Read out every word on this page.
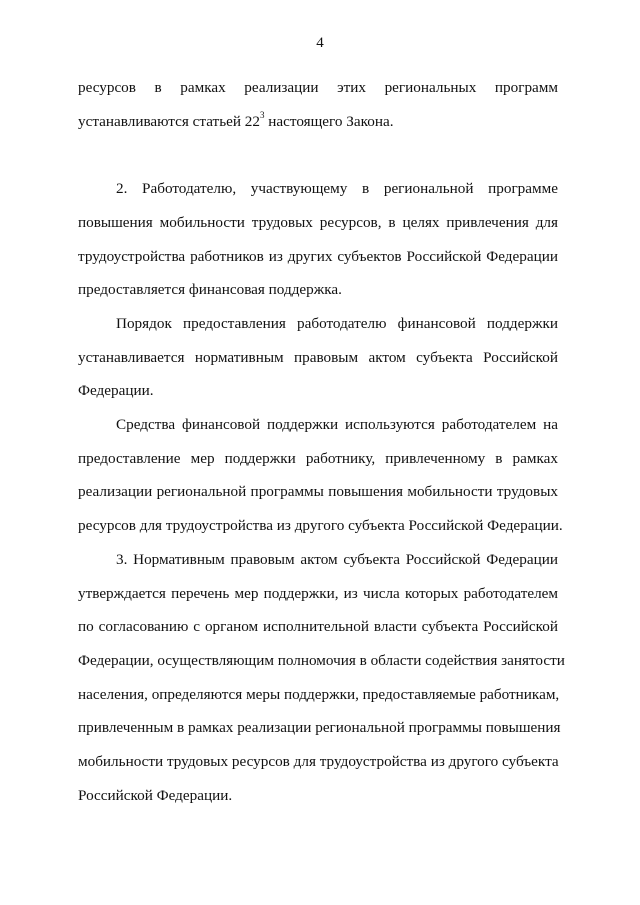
4
ресурсов в рамках реализации этих региональных программ
устанавливаются статьей $22^3$ настоящего Закона.

2. Работодателю, участвующему в региональной программе
повышения мобильности трудовых ресурсов, в целях привлечения для
трудоустройства работников из других субъектов Российской Федерации
предоставляется финансовая поддержка.
Порядок предоставления работодателю финансовой поддержки
устанавливается нормативным правовым актом субъекта Российской
Федерации.
Средства финансовой поддержки используются работодателем на
предоставление мер поддержки работнику, привлеченному в рамках
реализации региональной программы повышения мобильности трудовых
ресурсов для трудоустройства из другого субъекта Российской Федерации.
3. Нормативным правовым актом субъекта Российской Федерации
утверждается перечень мер поддержки, из числа которых работодателем
по согласованию с органом исполнительной власти субъекта Российской
Федерации, осуществляющим полномочия в области содействия занятости
населения, определяются меры поддержки, предоставляемые работникам,
привлеченным в рамках реализации региональной программы повышения
мобильности трудовых ресурсов для трудоустройства из другого субъекта
Российской Федерации.
